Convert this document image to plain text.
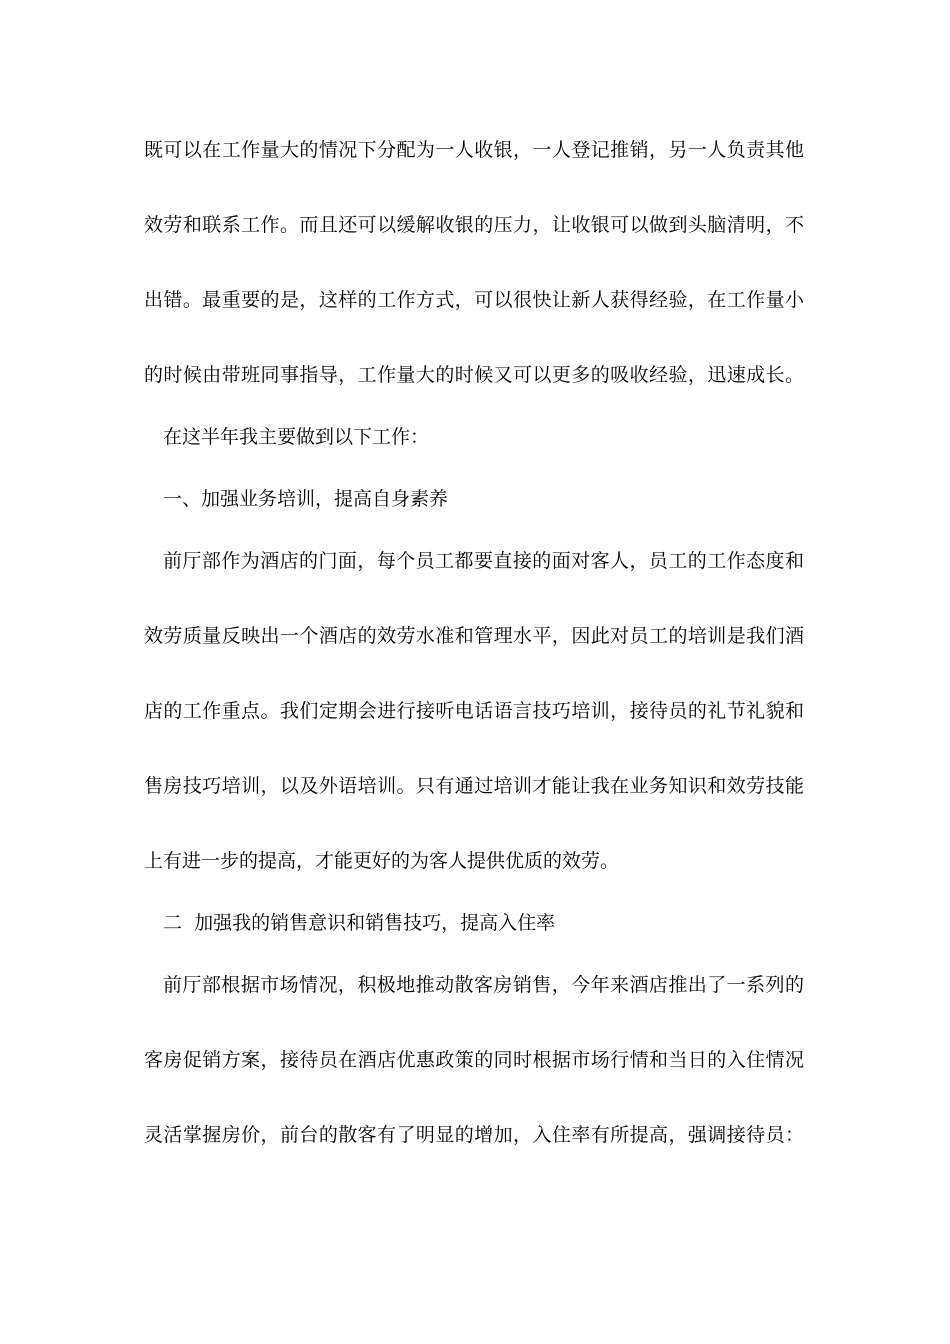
既可以在工作量大的情况下分配为一人收银，一人登记推销，另一人负责其他
效劳和联系工作。而且还可以缓解收银的压力，让收银可以做到头脑清明，不
出错。最重要的是，这样的工作方式，可以很快让新人获得经验，在工作量小
的时候由带班同事指导，工作量大的时候又可以更多的吸收经验，迅速成长。
在这半年我主要做到以下工作：
一、加强业务培训，提高自身素养
前厅部作为酒店的门面，每个员工都要直接的面对客人，员工的工作态度和
效劳质量反映出一个酒店的效劳水准和管理水平，因此对员工的培训是我们酒
店的工作重点。我们定期会进行接听电话语言技巧培训，接待员的礼节礼貌和
售房技巧培训，以及外语培训。只有通过培训才能让我在业务知识和效劳技能
上有进一步的提高，才能更好的为客人提供优质的效劳。
二  加强我的销售意识和销售技巧，提高入住率
前厅部根据市场情况，积极地推动散客房销售，今年来酒店推出了一系列的
客房促销方案，接待员在酒店优惠政策的同时根据市场行情和当日的入住情况
灵活掌握房价，前台的散客有了明显的增加，入住率有所提高，强调接待员：
